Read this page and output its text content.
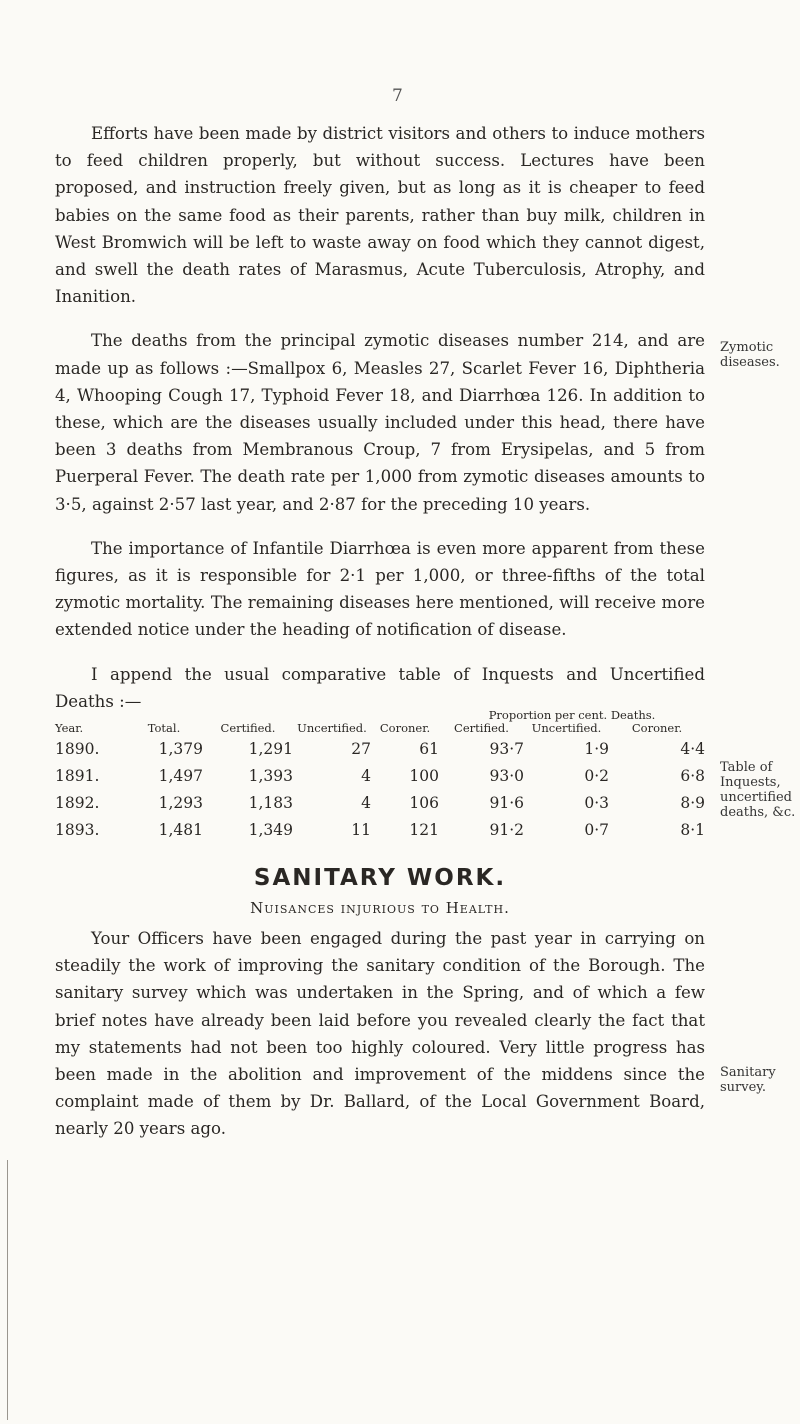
7

Efforts have been made by district visitors and others to induce mothers to feed children properly, but without success. Lectures have been proposed, and instruction freely given, but as long as it is cheaper to feed babies on the same food as their parents, rather than buy milk, children in West Bromwich will be left to waste away on food which they cannot digest, and swell the death rates of Marasmus, Acute Tuberculosis, Atrophy, and Inanition.

The deaths from the principal zymotic diseases number 214, and are made up as follows :—Smallpox 6, Measles 27, Scarlet Fever 16, Diphtheria 4, Whooping Cough 17, Typhoid Fever 18, and Diarrhœa 126. In addition to these, which are the diseases usually included under this head, there have been 3 deaths from Membranous Croup, 7 from Erysipelas, and 5 from Puerperal Fever. The death rate per 1,000 from zymotic diseases amounts to 3·5, against 2·57 last year, and 2·87 for the preceding 10 years.

The importance of Infantile Diarrhœa is even more apparent from these figures, as it is responsible for 2·1 per 1,000, or three-fifths of the total zymotic mortality. The remaining diseases here mentioned, will receive more extended notice under the heading of notification of disease.

I append the usual comparative table of Inquests and Uncertified Deaths :—

					Proportion per cent. Deaths.		
Year.	Total.	Certified.	Uncertified.	Coroner.	Certified.	Uncertified.	Coroner.
1890.	1,379	1,291	27	61	93·7	1·9	4·4
1891.	1,497	1,393	4	100	93·0	0·2	6·8
1892.	1,293	1,183	4	106	91·6	0·3	8·9
1893.	1,481	1,349	11	121	91·2	0·7	8·1
SANITARY WORK.
Nuisances injurious to Health.

Your Officers have been engaged during the past year in carrying on steadily the work of improving the sanitary condition of the Borough. The sanitary survey which was undertaken in the Spring, and of which a few brief notes have already been laid before you revealed clearly the fact that my statements had not been too highly coloured. Very little progress has been made in the abolition and improvement of the middens since the complaint made of them by Dr. Ballard, of the Local Government Board, nearly 20 years ago.

Zymotic diseases.
Table of Inquests, uncertified deaths, &c.
Sanitary survey.
